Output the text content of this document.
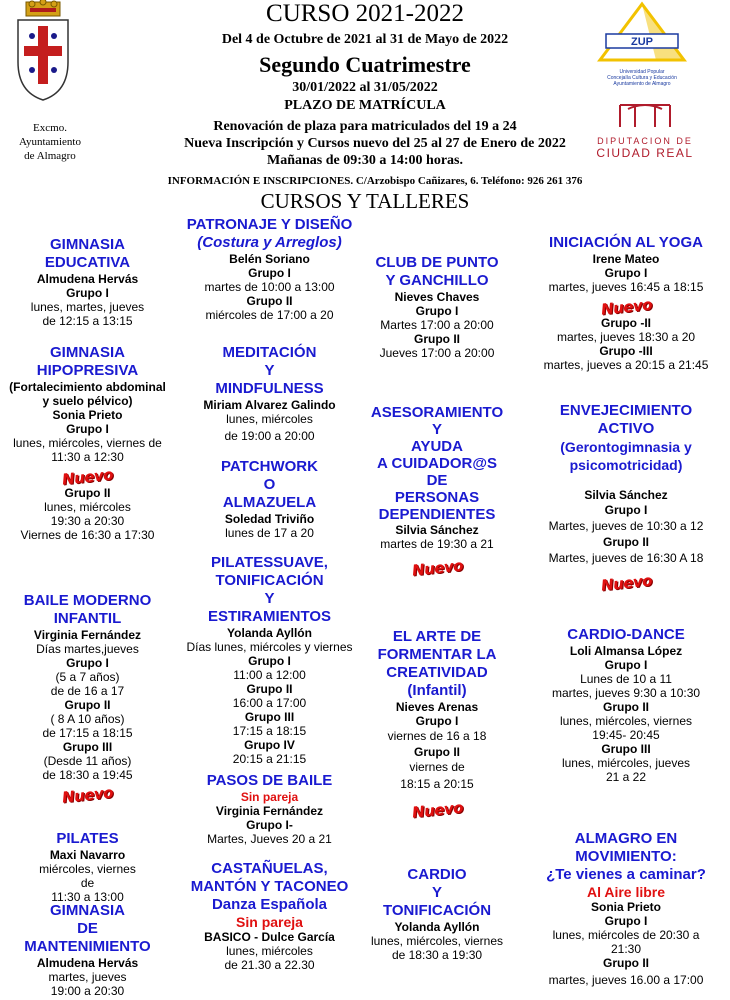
Excmo.
Ayuntamiento
de Almagro
ZUP
Universidad Popular
Concejalía Cultura y Educación
Ayuntamiento de Almagro
DIPUTACION DE
CIUDAD REAL
CURSO 2021-2022
Del 4 de Octubre de 2021 al 31 de Mayo de 2022
Segundo Cuatrimestre
30/01/2022 al 31/05/2022
PLAZO DE MATRÍCULA
Renovación de plaza para matriculados del 19 a 24
Nueva Inscripción y Cursos nuevo del 25 al 27 de Enero de 2022
Mañanas de 09:30 a 14:00 horas.
INFORMACIÓN E INSCRIPCIONES. C/Arzobispo Cañizares, 6. Teléfono: 926 261 376
CURSOS Y TALLERES
GIMNASIA
EDUCATIVA
Almudena Hervás
Grupo I
lunes, martes, jueves
de 12:15 a 13:15
GIMNASIA
HIPOPRESIVA
(Fortalecimiento abdominal
y suelo pélvico)
Sonia Prieto
Grupo I
lunes, miércoles, viernes de
11:30 a 12:30
Nuevo
Grupo II
lunes, miércoles
19:30 a 20:30
Viernes de 16:30 a 17:30
BAILE MODERNO
INFANTIL
Virginia Fernández
Días martes,jueves
Grupo I
(5 a 7 años)
de de 16 a 17
Grupo II
( 8 A 10 años)
de 17:15 a 18:15
Grupo III
(Desde 11 años)
de 18:30 a 19:45
Nuevo
PILATES
Maxi Navarro
miércoles, viernes
de
11:30 a 13:00
GIMNASIA
DE
MANTENIMIENTO
Almudena Hervás
martes, jueves
19:00 a 20:30
PATRONAJE Y DISEÑO
(Costura y Arreglos)
Belén Soriano
Grupo I
martes de 10:00 a 13:00
Grupo II
miércoles de 17:00 a 20
MEDITACIÓN
Y
MINDFULNESS
Miriam Alvarez Galindo
lunes, miércoles
de 19:00 a 20:00
PATCHWORK
O
ALMAZUELA
Soledad Triviño
lunes de 17 a 20
PILATESSUAVE,
TONIFICACIÓN
Y
ESTIRAMIENTOS
Yolanda Ayllón
Días lunes, miércoles y viernes
Grupo I
11:00 a 12:00
Grupo II
16:00 a 17:00
Grupo III
17:15 a 18:15
Grupo IV
20:15 a 21:15
PASOS DE BAILE
Sin pareja
Virginia Fernández
Grupo I-
Martes, Jueves 20 a 21
CASTAÑUELAS,
MANTÓN Y TACONEO
Danza Española
Sin pareja
BASICO - Dulce García
lunes, miércoles
de 21.30 a 22.30
CLUB DE PUNTO
Y GANCHILLO
Nieves Chaves
Grupo I
Martes 17:00 a 20:00
Grupo II
Jueves 17:00 a 20:00
ASESORAMIENTO
Y
AYUDA
A CUIDADOR@S
DE
PERSONAS
DEPENDIENTES
Silvia Sánchez
martes de 19:30 a 21
Nuevo
EL ARTE DE
FORMENTAR LA
CREATIVIDAD
(Infantil)
Nieves Arenas
Grupo I
viernes de 16 a 18
Grupo II
viernes de
18:15 a 20:15
Nuevo
CARDIO
Y
TONIFICACIÓN
Yolanda Ayllón
lunes, miércoles, viernes
de 18:30 a 19:30
INICIACIÓN AL YOGA
Irene Mateo
Grupo I
martes, jueves 16:45 a 18:15
Nuevo
Grupo -II
martes, jueves 18:30 a 20
Grupo -III
martes, jueves a 20:15 a 21:45
ENVEJECIMIENTO
ACTIVO
(Gerontogimnasia y
psicomotricidad)
Silvia Sánchez
Grupo I
Martes, jueves de 10:30 a 12
Grupo II
Martes, jueves de 16:30 A 18
Nuevo
CARDIO-DANCE
Loli Almansa López
Grupo I
Lunes de 10 a 11
martes, jueves 9:30 a 10:30
Grupo II
lunes, miércoles, viernes
19:45- 20:45
Grupo III
lunes, miércoles, jueves
21 a 22
ALMAGRO EN
MOVIMIENTO:
¿Te vienes a caminar?
Al Aire libre
Sonia Prieto
Grupo I
lunes, miércoles de 20:30 a
21:30
Grupo II
martes, jueves 16.00 a 17:00
